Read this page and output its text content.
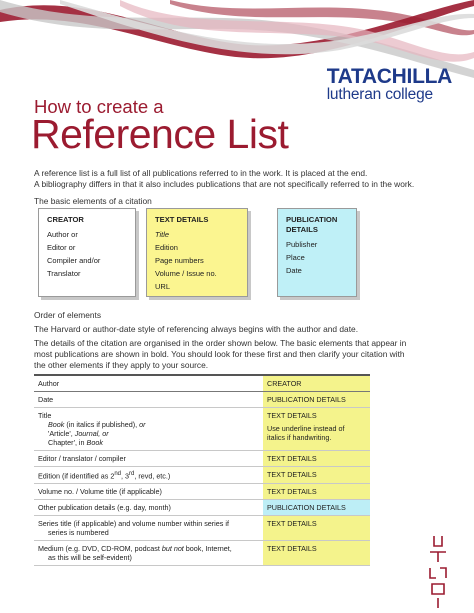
TATACHILLA
lutheran college
How to create a
Reference List
A reference list is a full list of all publications referred to in the work. It is placed at the end.
A bibliography differs in that it also includes publications that are not specifically referred to in the work.
The basic elements of a citation
CREATOR
Author or
Editor or
Compiler and/or
Translator
TEXT DETAILS
Title
Edition
Page numbers
Volume / Issue no.
URL
PUBLICATION
DETAILS
Publisher
Place
Date
Order of elements
The Harvard or author-date style of referencing always begins with the author and date.
The details of the citation are organised in the order shown below. The basic elements that appear in
most publications are shown in bold. You should look for these first and then clarify your citation with
the other elements if they apply to your source.
Author	CREATOR
Date	PUBLICATION DETAILS
Title
Book (in italics if published), or
'Article', Journal, or
Chapter', in Book	TEXT DETAILS
Use underline instead of
italics if handwriting.

Editor / translator / compiler	TEXT DETAILS
Edition (if identified as 2nd, 3rd, revd, etc.)	TEXT DETAILS
Volume no. / Volume title (if applicable)	TEXT DETAILS
Other publication details (e.g. day, month)	PUBLICATION DETAILS

Series title (if applicable) and volume number within series if
series is numbered	TEXT DETAILS

Medium (e.g. DVD, CD-ROM, podcast but not book, Internet,
as this will be self-evident)	TEXT DETAILS
